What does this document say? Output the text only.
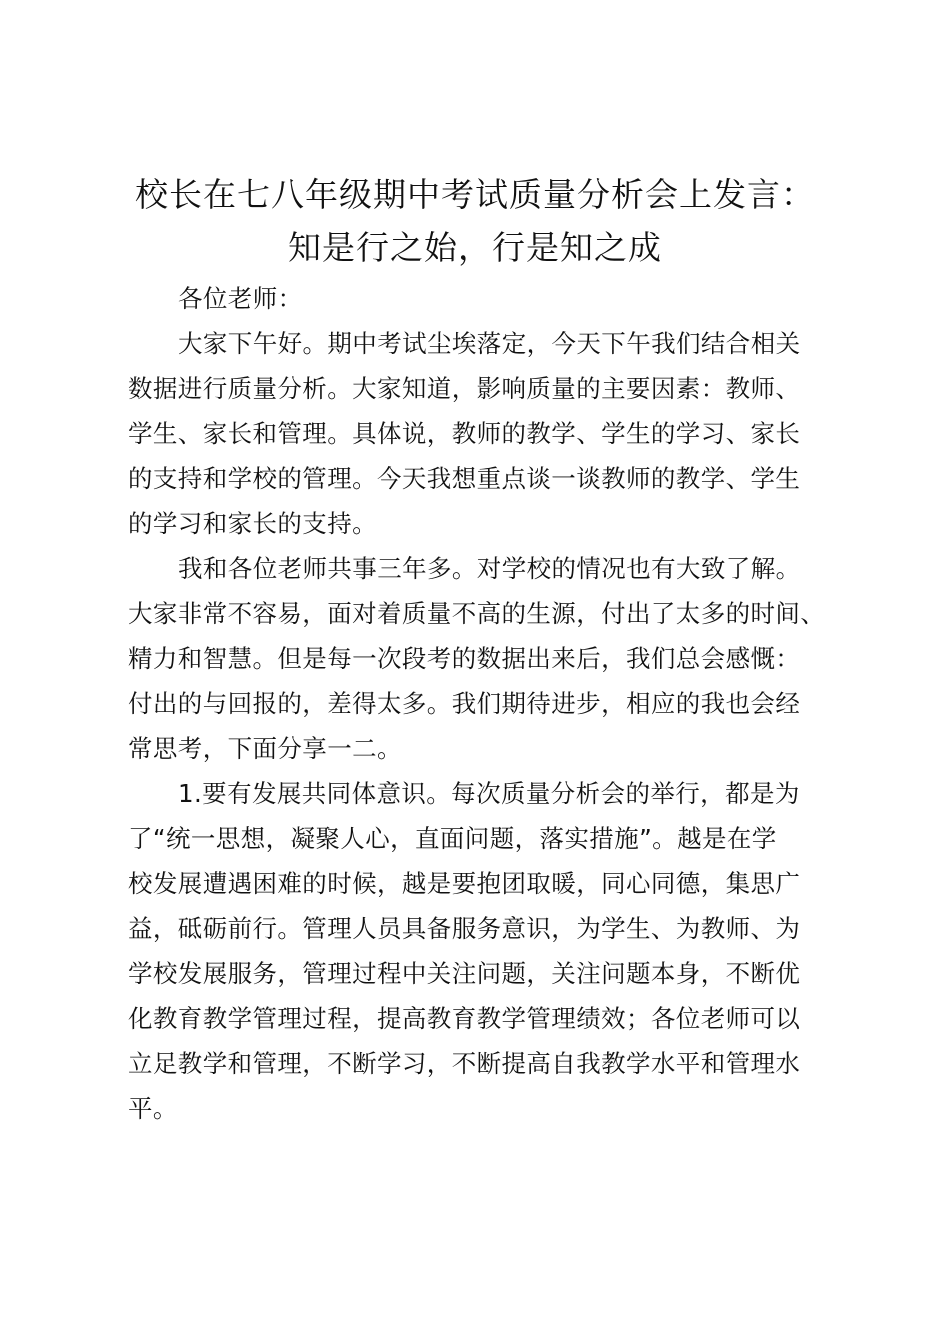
校长在七八年级期中考试质量分析会上发言：
知是行之始，行是知之成
各位老师：
大家下午好。期中考试尘埃落定，今天下午我们结合相关
数据进行质量分析。大家知道，影响质量的主要因素：教师、
学生、家长和管理。具体说，教师的教学、学生的学习、家长
的支持和学校的管理。今天我想重点谈一谈教师的教学、学生
的学习和家长的支持。
我和各位老师共事三年多。对学校的情况也有大致了解。
大家非常不容易，面对着质量不高的生源，付出了太多的时间、
精力和智慧。但是每一次段考的数据出来后，我们总会感慨：
付出的与回报的，差得太多。我们期待进步，相应的我也会经
常思考，下面分享一二。
1.要有发展共同体意识。每次质量分析会的举行，都是为
了“统一思想，凝聚人心，直面问题，落实措施”。越是在学
校发展遭遇困难的时候，越是要抱团取暖，同心同德，集思广
益，砥砺前行。管理人员具备服务意识，为学生、为教师、为
学校发展服务，管理过程中关注问题，关注问题本身，不断优
化教育教学管理过程，提高教育教学管理绩效；各位老师可以
立足教学和管理，不断学习，不断提高自我教学水平和管理水
平。
